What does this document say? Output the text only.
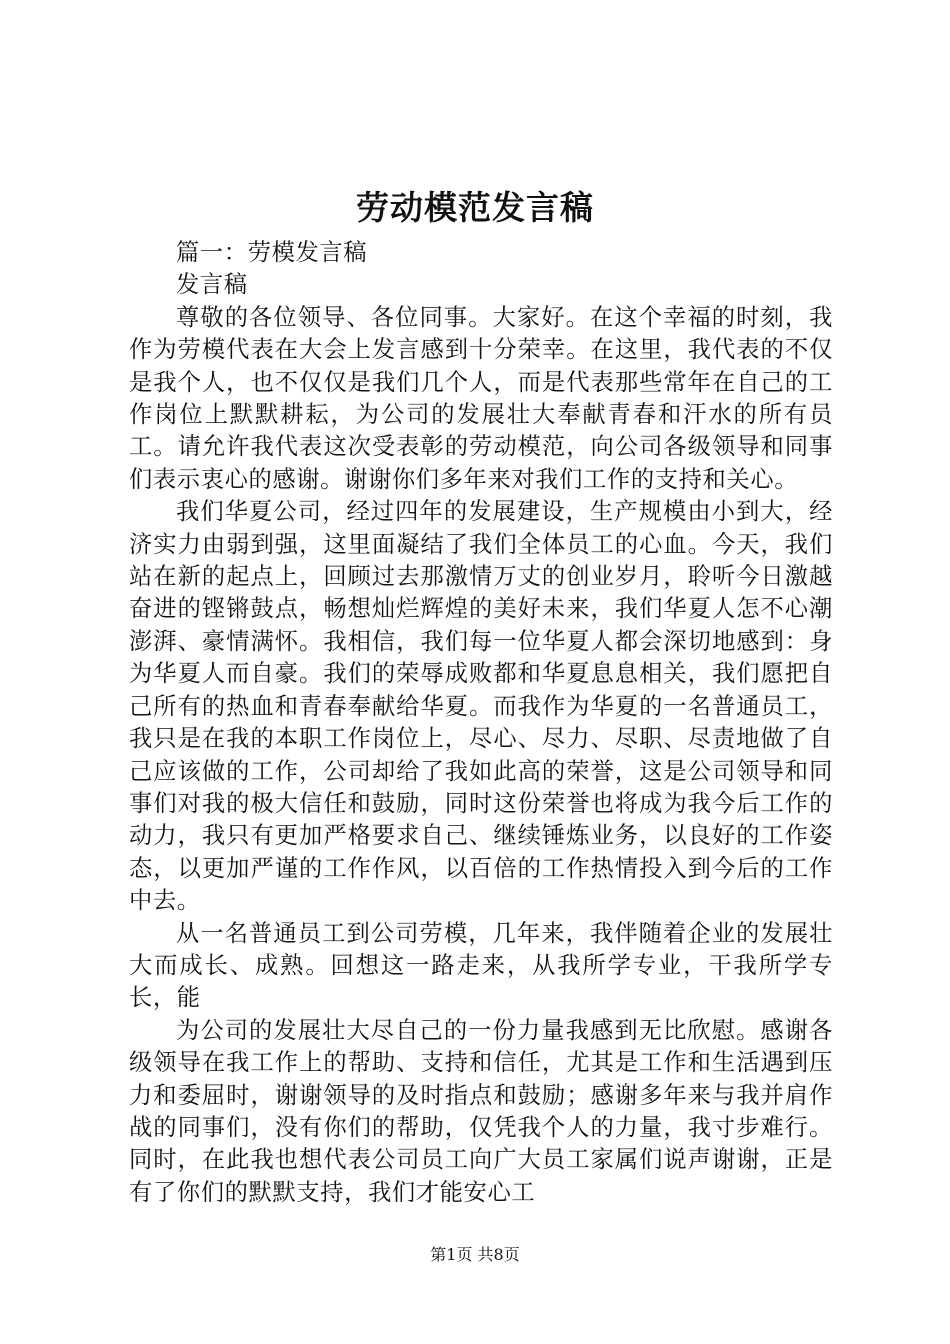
劳动模范发言稿

篇一：劳模发言稿

发言稿

尊敬的各位领导、各位同事。大家好。在这个幸福的时刻，我作为劳模代表在大会上发言感到十分荣幸。在这里，我代表的不仅是我个人，也不仅仅是我们几个人，而是代表那些常年在自己的工作岗位上默默耕耘，为公司的发展壮大奉献青春和汗水的所有员工。请允许我代表这次受表彰的劳动模范，向公司各级领导和同事们表示衷心的感谢。谢谢你们多年来对我们工作的支持和关心。

我们华夏公司，经过四年的发展建设，生产规模由小到大，经济实力由弱到强，这里面凝结了我们全体员工的心血。今天，我们站在新的起点上，回顾过去那激情万丈的创业岁月，聆听今日激越奋进的铿锵鼓点，畅想灿烂辉煌的美好未来，我们华夏人怎不心潮澎湃、豪情满怀。我相信，我们每一位华夏人都会深切地感到：身为华夏人而自豪。我们的荣辱成败都和华夏息息相关，我们愿把自己所有的热血和青春奉献给华夏。而我作为华夏的一名普通员工，我只是在我的本职工作岗位上，尽心、尽力、尽职、尽责地做了自己应该做的工作，公司却给了我如此高的荣誉，这是公司领导和同事们对我的极大信任和鼓励，同时这份荣誉也将成为我今后工作的动力，我只有更加严格要求自己、继续锤炼业务，以良好的工作姿态，以更加严谨的工作作风，以百倍的工作热情投入到今后的工作中去。

从一名普通员工到公司劳模，几年来，我伴随着企业的发展壮大而成长、成熟。回想这一路走来，从我所学专业，干我所学专长，能

为公司的发展壮大尽自己的一份力量我感到无比欣慰。感谢各级领导在我工作上的帮助、支持和信任，尤其是工作和生活遇到压力和委屈时，谢谢领导的及时指点和鼓励；感谢多年来与我并肩作战的同事们，没有你们的帮助，仅凭我个人的力量，我寸步难行。同时，在此我也想代表公司员工向广大员工家属们说声谢谢，正是有了你们的默默支持，我们才能安心工

第1页 共8页
